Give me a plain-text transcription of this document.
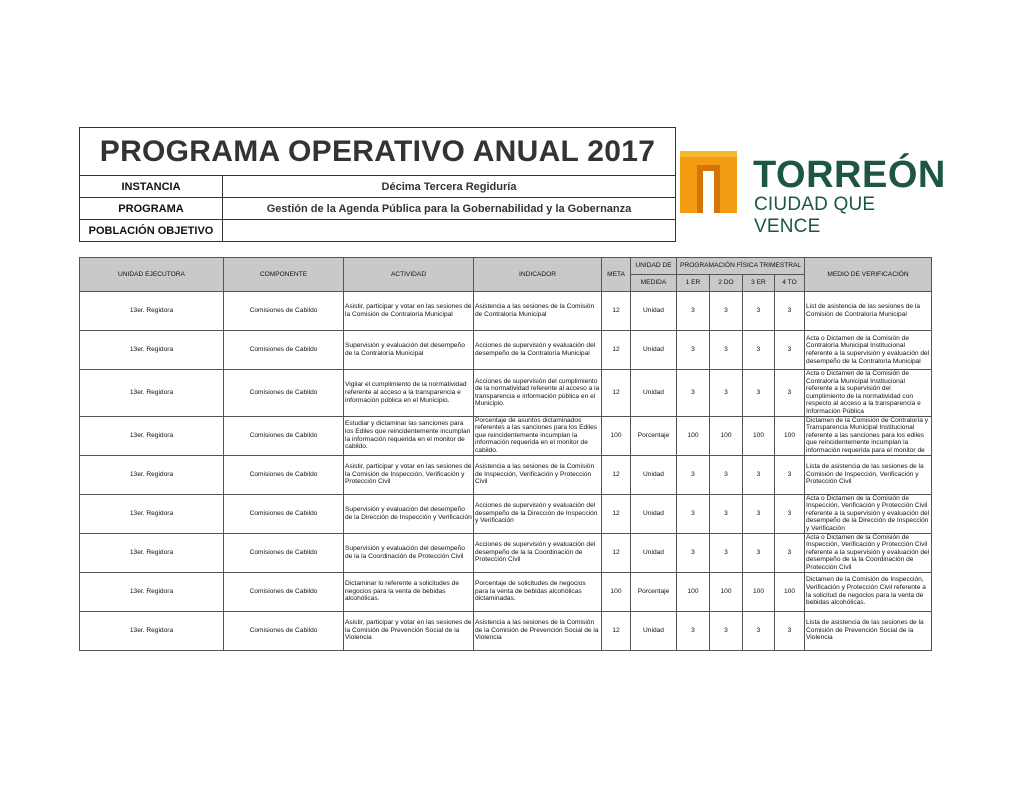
PROGRAMA OPERATIVO ANUAL 2017	
INSTANCIA	Décima Tercera Regiduría
PROGRAMA	Gestión de la Agenda Pública para la Gobernabilidad y la Gobernanza
POBLACIÓN OBJETIVO	
TORREÓN
CIUDAD QUE VENCE
UNIDAD EJECUTORA	COMPONENTE	ACTIVIDAD	INDICADOR	META	UNIDAD DE	PROGRAMACIÓN FÍSICA TRIMESTRAL				MEDIO DE VERIFICACIÓN
					MEDIDA	1 ER	2 DO	3 ER	4 TO	
13er. Regidora	Comisiones de Cabildo	Asistir, participar y votar en las sesiones de la Comisión de Contraloría Municipal	Asistencia a las sesiones de la Comisión de Contraloría Municipal	12	Unidad	3	3	3	3	List de asistencia de las sesiones de la Comisión de Contraloría Municipal
13er. Regidora	Comisiones de Cabildo	Supervisión y evaluación del desempeño de la Contraloría Municipal	Acciones de supervisión y evaluación del desempeño de la Contraloría Municipal	12	Unidad	3	3	3	3	Acta o Dictamen de la Comisión de Contraloría Municipal Institucional referente a la supervisión y evaluación del desempeño de la Contraloría Municipal
13er. Regidora	Comisiones de Cabildo	Vigilar el cumplimiento de la normatividad referente al acceso a la transparencia e información pública en el Municipio.	Acciones de supervisión del cumplimiento de la normatividad referente al acceso a la transparencia e información pública en el Municipio.	12	Unidad	3	3	3	3	Acta o Dictamen de la Comisión de Contraloría Municipal Institucional referente a la supervisión del cumplimiento de la normatividad con respecto al acceso a la transparencia e Información Pública
13er. Regidora	Comisiones de Cabildo	Estudiar y dictaminar las sanciones para los Ediles que reincidentemente incumplan la información requerida en el monitor de cabildo.	Porcentaje de asuntos dictaminados referentes a las sanciones para los Ediles que reincidentemente incumplan la información requerida en el monitor de cabildo.	100	Porcentaje	100	100	100	100	Dictamen de la Comisión de Contraloría y Transparencia Municipal Institucional referente a las sanciones para los ediles que reincidentemente incumplan la información requerida para el monitor de
13er. Regidora	Comisiones de Cabildo	Asistir, participar y votar en las sesiones de la Comisión de Inspección, Verificación y Protección Civil	Asistencia a las sesiones de la Comisión de Inspección, Verificación y Protección Civil	12	Unidad	3	3	3	3	Lista de asistencia de las sesiones de la Comisión de Inspección, Verificación y Protección Civil
13er. Regidora	Comisiones de Cabildo	Supervisión y evaluación del desempeño de la Dirección de Inspección y Verificación	Acciones de supervisión y evaluación del desempeño de la Dirección de Inspección y Verificación	12	Unidad	3	3	3	3	Acta o Dictamen de la Comisión de Inspección, Verificación y Protección Civil referente a la supervisión y evaluación del desempeño de la Dirección de Inspección y Verificación
13er. Regidora	Comisiones de Cabildo	Supervisión y evaluación del desempeño de la la Coordinación de Protección Civil	Acciones de supervisión y evaluación del desempeño de la la Coordinación de Protección Civil	12	Unidad	3	3	3	3	Acta o Dictamen de la Comisión de Inspección, Verificación y Protección Civil referente a la supervisión y evaluación del desempeño de la la Coordinación de Protección Civil
13er. Regidora	Comisiones de Cabildo	Dictaminar lo referente a solicitudes de negocios para la venta de bebidas alcohólicas.	Porcentaje de solicitudes de negocios para la venta de bebidas alcohólicas dictaminadas.	100	Porcentaje	100	100	100	100	Dictamen de la Comisión de Inspección, Verificación y Protección Civil referente a la solicitud de negocios para la venta de bebidas alcohólicas.
13er. Regidora	Comisiones de Cabildo	Asistir, participar y votar en las sesiones de la Comisión de Prevención Social de la Violencia	Asistencia a las sesiones de la Comisión de la Comisión de Prevención Social de la Violencia	12	Unidad	3	3	3	3	Lista de asistencia de las sesiones de la Comisión de Prevención Social de la Violencia
